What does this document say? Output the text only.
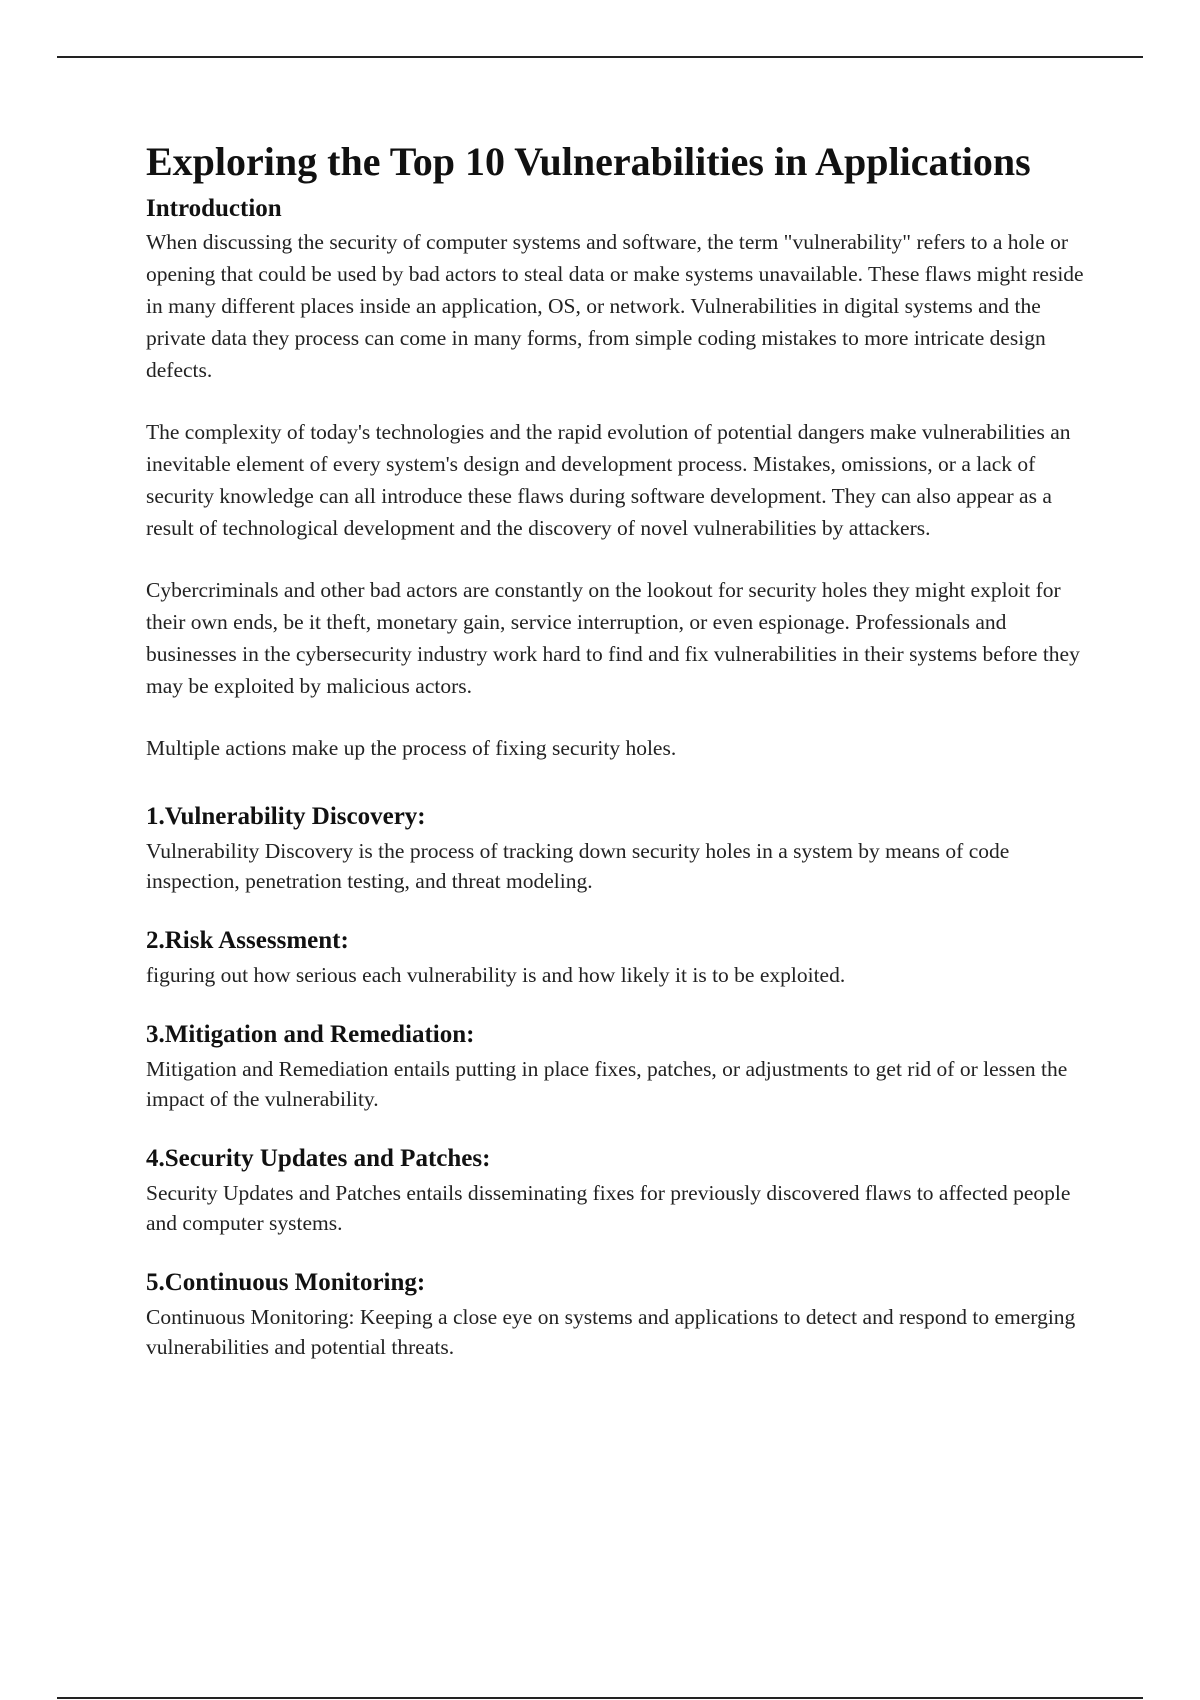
Exploring the Top 10 Vulnerabilities in Applications
Introduction

When discussing the security of computer systems and software, the term "vulnerability" refers to a hole or opening that could be used by bad actors to steal data or make systems unavailable. These flaws might reside in many different places inside an application, OS, or network. Vulnerabilities in digital systems and the private data they process can come in many forms, from simple coding mistakes to more intricate design defects.

The complexity of today's technologies and the rapid evolution of potential dangers make vulnerabilities an inevitable element of every system's design and development process. Mistakes, omissions, or a lack of security knowledge can all introduce these flaws during software development. They can also appear as a result of technological development and the discovery of novel vulnerabilities by attackers.

Cybercriminals and other bad actors are constantly on the lookout for security holes they might exploit for their own ends, be it theft, monetary gain, service interruption, or even espionage. Professionals and businesses in the cybersecurity industry work hard to find and fix vulnerabilities in their systems before they may be exploited by malicious actors.

Multiple actions make up the process of fixing security holes.

1.Vulnerability Discovery:

Vulnerability Discovery is the process of tracking down security holes in a system by means of code inspection, penetration testing, and threat modeling.

2.Risk Assessment:

figuring out how serious each vulnerability is and how likely it is to be exploited.

3.Mitigation and Remediation:

Mitigation and Remediation entails putting in place fixes, patches, or adjustments to get rid of or lessen the impact of the vulnerability.

4.Security Updates and Patches:

Security Updates and Patches entails disseminating fixes for previously discovered flaws to affected people and computer systems.

5.Continuous Monitoring:

Continuous Monitoring: Keeping a close eye on systems and applications to detect and respond to emerging vulnerabilities and potential threats.
